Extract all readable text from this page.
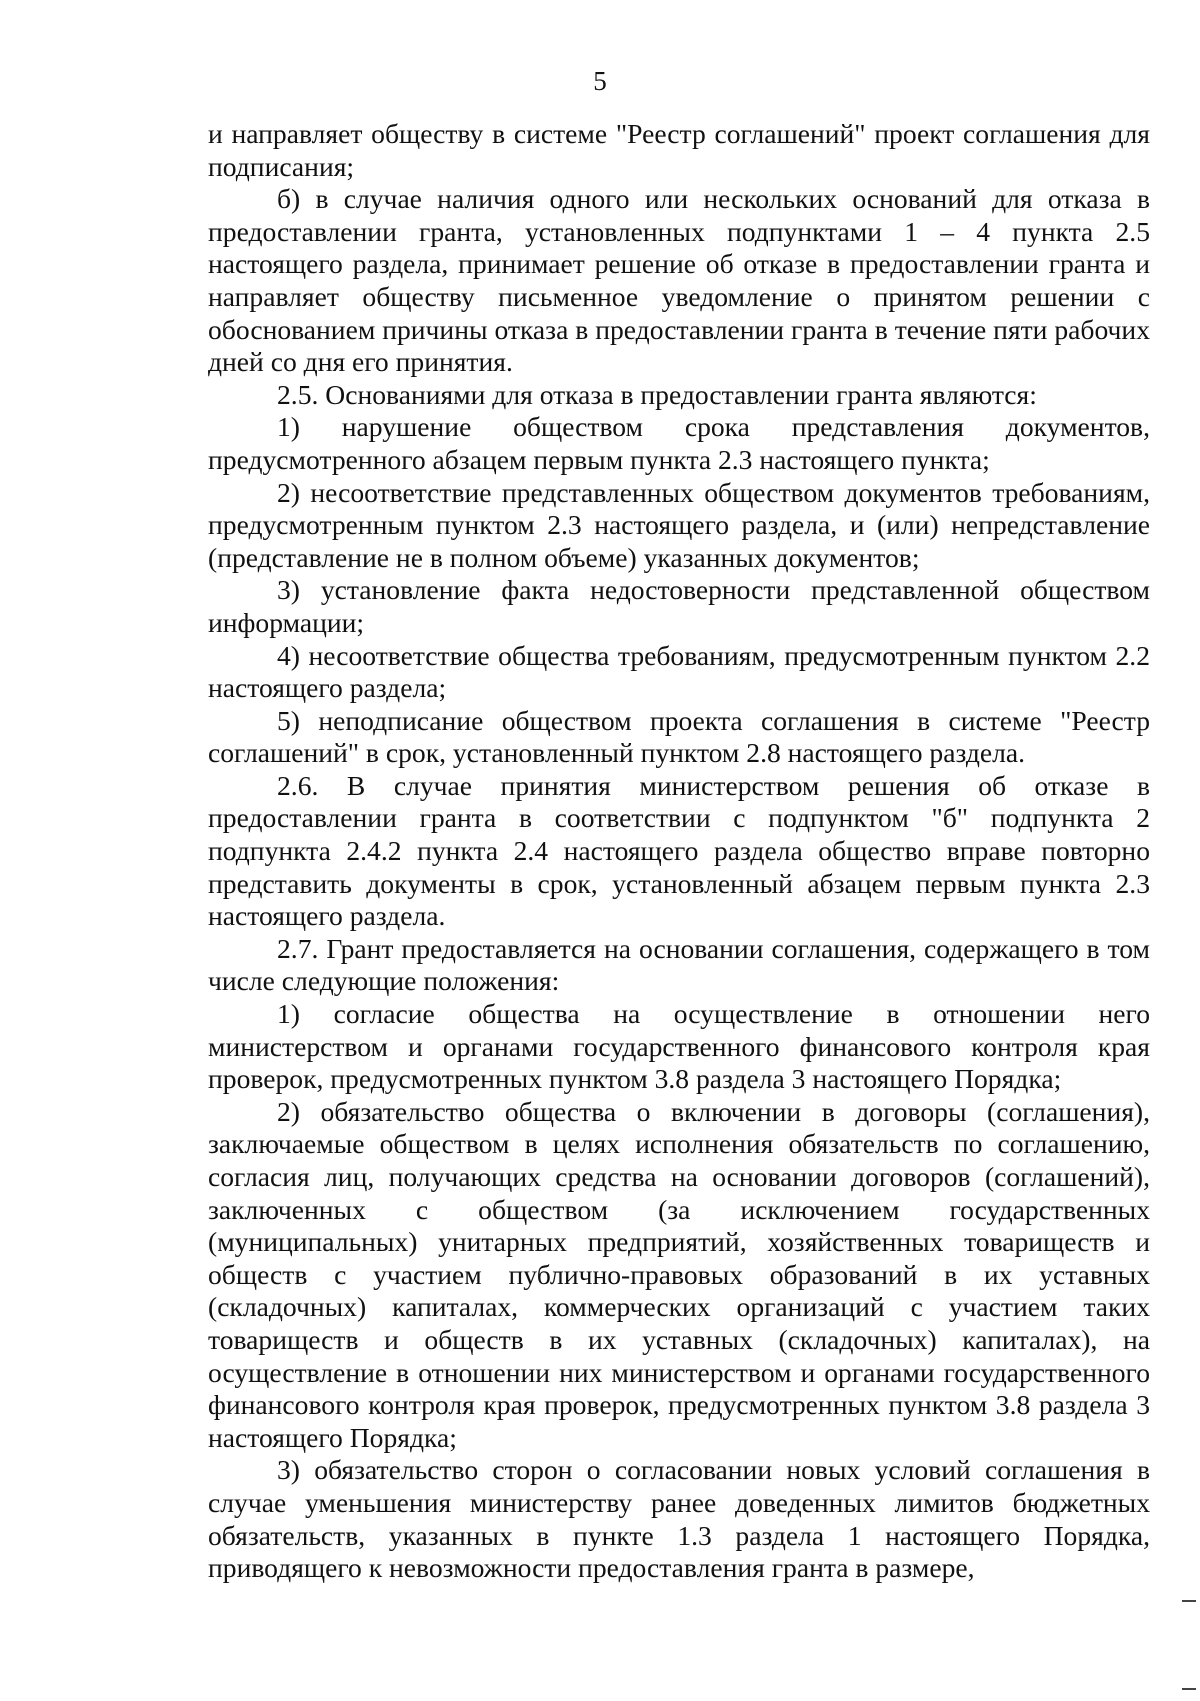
5

и направляет обществу в системе "Реестр соглашений" проект соглашения для подписания;

б) в случае наличия одного или нескольких оснований для отказа в предоставлении гранта, установленных подпунктами 1 – 4 пункта 2.5 настоящего раздела, принимает решение об отказе в предоставлении гранта и направляет обществу письменное уведомление о принятом решении с обоснованием причины отказа в предоставлении гранта в течение пяти рабочих дней со дня его принятия.

2.5. Основаниями для отказа в предоставлении гранта являются:

1) нарушение обществом срока представления документов, предусмотренного абзацем первым пункта 2.3 настоящего пункта;

2) несоответствие представленных обществом документов требованиям, предусмотренным пунктом 2.3 настоящего раздела, и (или) непредставление (представление не в полном объеме) указанных документов;

3) установление факта недостоверности представленной обществом информации;

4) несоответствие общества требованиям, предусмотренным пунктом 2.2 настоящего раздела;

5) неподписание обществом проекта соглашения в системе "Реестр соглашений" в срок, установленный пунктом 2.8 настоящего раздела.

2.6. В случае принятия министерством решения об отказе в предоставлении гранта в соответствии с подпунктом "б" подпункта 2 подпункта 2.4.2 пункта 2.4 настоящего раздела общество вправе повторно представить документы в срок, установленный абзацем первым пункта 2.3 настоящего раздела.

2.7. Грант предоставляется на основании соглашения, содержащего в том числе следующие положения:

1) согласие общества на осуществление в отношении него министерством и органами государственного финансового контроля края проверок, предусмотренных пунктом 3.8 раздела 3 настоящего Порядка;

2) обязательство общества о включении в договоры (соглашения), заключаемые обществом в целях исполнения обязательств по соглашению, согласия лиц, получающих средства на основании договоров (соглашений), заключенных с обществом (за исключением государственных (муниципальных) унитарных предприятий, хозяйственных товариществ и обществ с участием публично-правовых образований в их уставных (складочных) капиталах, коммерческих организаций с участием таких товариществ и обществ в их уставных (складочных) капиталах), на осуществление в отношении них министерством и органами государственного финансового контроля края проверок, предусмотренных пунктом 3.8 раздела 3 настоящего Порядка;

3) обязательство сторон о согласовании новых условий соглашения в случае уменьшения министерству ранее доведенных лимитов бюджетных обязательств, указанных в пункте 1.3 раздела 1 настоящего Порядка, приводящего к невозможности предоставления гранта в размере,
